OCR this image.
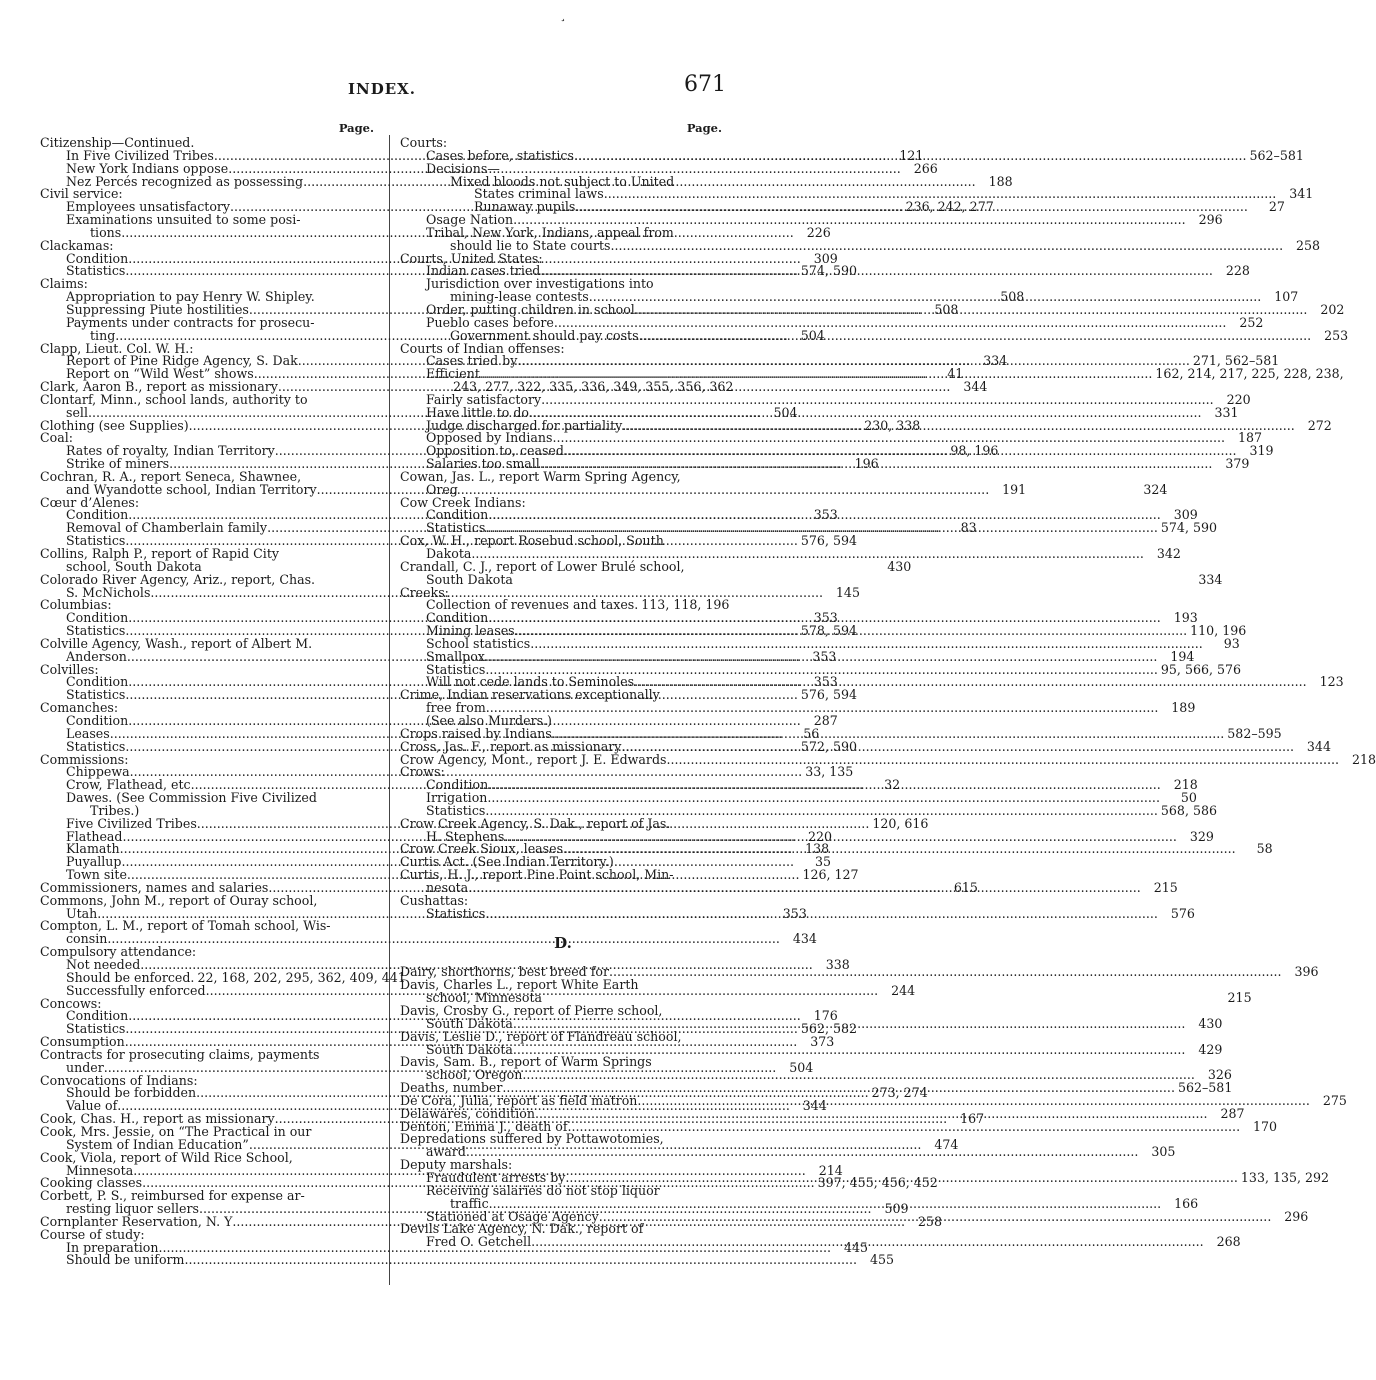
¸
INDEX.	671
Page.
Citizenship—Continued.
In Five Civilized Tribes .....	121
New York Indians oppose .....	266
Nez Percés recognized as possessing .....	188
Civil service:
Employees unsatisfactory .....	236, 242, 277
Examinations unsuited to some posi-
tions .....	226
Clackamas:
Condition .....	309
Statistics .....	574, 590
Claims:
Appropriation to pay Henry W. Shipley.	508
Suppressing Piute hostilities .....	508
Payments under contracts for prosecu-
ting .....	504
Clapp, Lieut. Col. W. H.:
Report of Pine Ridge Agency, S. Dak .....	334
Report on “Wild West” shows .....	41
Clark, Aaron B., report as missionary .....	344
Clontarf, Minn., school lands, authority to
sell .....	504
Clothing (see Supplies) .....	230, 338
Coal:
Rates of royalty, Indian Territory .....	98, 196
Strike of miners .....	196
Cochran, R. A., report Seneca, Shawnee,
and Wyandotte school, Indian Territory .....	191
Cœur d’Alenes:
Condition .....	353
Removal of Chamberlain family .....	83
Statistics .....	576, 594
Collins, Ralph P., report of Rapid City
school, South Dakota	430
Colorado River Agency, Ariz., report, Chas.
S. McNichols .....	145
Columbias:
Condition .....	353
Statistics .....	578, 594
Colville Agency, Wash., report of Albert M.
Anderson .....	353
Colvilles:
Condition .....	353
Statistics .....	576, 594
Comanches:
Condition .....	287
Leases .....	56
Statistics .....	572, 590
Commissions:
Chippewa .....	33, 135
Crow, Flathead, etc .....	32
Dawes. (See Commission Five Civilized
Tribes.)
Five Civilized Tribes .....	120, 616
Flathead .....	220
Klamath .....	138
Puyallup .....	35
Town site .....	126, 127
Commissioners, names and salaries .....	615
Commons, John M., report of Ouray school,
Utah .....	353
Compton, L. M., report of Tomah school, Wis-
consin .....	434
Compulsory attendance:
Not needed .....	338
Should be enforced. 22, 168, 202, 295, 362, 409, 441
Successfully enforced .....	244
Concows:
Condition .....	176
Statistics .....	562, 582
Consumption .....	373
Contracts for prosecuting claims, payments
under .....	504
Convocations of Indians:
Should be forbidden .....	273, 274
Value of .....	344
Cook, Chas. H., report as missionary .....	167
Cook, Mrs. Jessie, on “The Practical in our
System of Indian Education” .....	474
Cook, Viola, report of Wild Rice School,
Minnesota .....	214
Cooking classes .....	397, 455, 456, 452
Corbett, P. S., reimbursed for expense ar-
resting liquor sellers .....	509
Cornplanter Reservation, N. Y .....	258
Course of study:
In preparation .....	445
Should be uniform .....	455
Page.
Courts:
Cases before, statistics .....	562–581
Decisions—
Mixed bloods not subject to United
States criminal laws .....	341
Runaway pupils .....	27
Osage Nation .....	296
Tribal, New York, Indians, appeal from
should lie to State courts .....	258
Courts, United States:
Indian cases tried .....	228
Jurisdiction over investigations into
mining-lease contests .....	107
Order, putting children in school .....	202
Pueblo cases before .....	252
Government should pay costs .....	253
Courts of Indian offenses:
Cases tried by .....	271, 562–581
Efficient .....	162, 214, 217, 225, 228, 238,
243, 277, 322, 335, 336, 349, 355, 356, 362
Fairly satisfactory .....	220
Have little to do .....	331
Judge discharged for partiality .....	272
Opposed by Indians .....	187
Opposition to, ceased .....	319
Salaries too small .....	379
Cowan, Jas. L., report Warm Spring Agency,
Oreg	324
Cow Creek Indians:
Condition .....	309
Statistics .....	574, 590
Cox, W. H., report Rosebud school, South
Dakota .....	342
Crandall, C. J., report of Lower Brulé school,
South Dakota	334
Creeks:
Collection of revenues and taxes. 113, 118, 196
Condition .....	193
Mining leases .....	110, 196
School statistics .....	93
Smallpox .....	194
Statistics .....	95, 566, 576
Will not cede lands to Seminoles .....	123
Crime, Indian reservations exceptionally
free from .....	189
(See also Murders.)
Crops raised by Indians .....	582–595
Cross, Jas. F., report as missionary .....	344
Crow Agency, Mont., report J. E. Edwards .....	218
Crows:
Condition .....	218
Irrigation .....	50
Statistics .....	568, 586
Crow Creek Agency, S. Dak., report of Jas.
H. Stephens .....	329
Crow Creek Sioux, leases .....	58
Curtis Act. (See Indian Territory.)
Curtis, H. J., report Pine Point school, Min-
nesota .....	215
Cushattas:
Statistics .....	576
D.
Dairy, shorthorns, best breed for .....	396
Davis, Charles L., report White Earth
school, Minnesota	215
Davis, Crosby G., report of Pierre school,
South Dakota .....	430
Davis, Leslie D., report of Flandreau school,
South Dakota .....	429
Davis, Sam. B., report of Warm Springs
school, Oregon .....	326
Deaths, number .....	562–581
De Cora, Julia, report as field matron .....	275
Delawares, condition .....	287
Denton, Emma J., death of .....	170
Depredations suffered by Pottawotomies,
award .....	305
Deputy marshals:
Fraudulent arrests by .....	133, 135, 292
Receiving salaries do not stop liquor
traffic .....	166
Stationed at Osage Agency .....	296
Devils Lake Agency, N. Dak., report of
Fred O. Getchell .....	268
